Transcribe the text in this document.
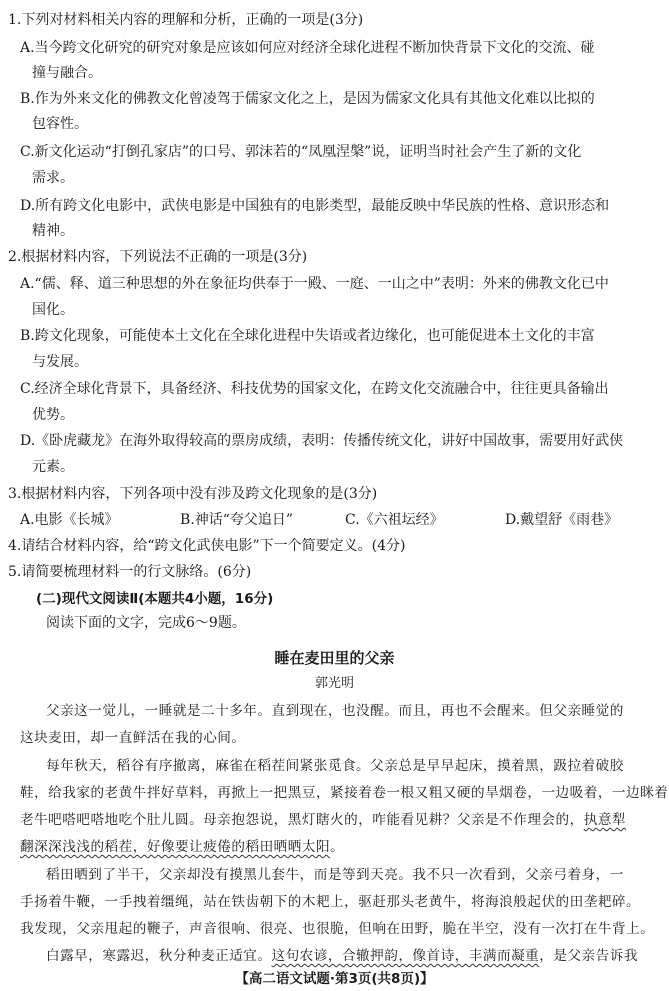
1.下列对材料相关内容的理解和分析，正确的一项是(3分)
A.当今跨文化研究的研究对象是应该如何应对经济全球化进程不断加快背景下文化的交流、碰
撞与融合。
B.作为外来文化的佛教文化曾凌驾于儒家文化之上，是因为儒家文化具有其他文化难以比拟的
包容性。
C.新文化运动“打倒孔家店”的口号、郭沫若的“凤凰涅槃”说，证明当时社会产生了新的文化
需求。
D.所有跨文化电影中，武侠电影是中国独有的电影类型，最能反映中华民族的性格、意识形态和
精神。
2.根据材料内容，下列说法不正确的一项是(3分)
A.“儒、释、道三种思想的外在象征均供奉于一殿、一庭、一山之中”表明：外来的佛教文化已中
国化。
B.跨文化现象，可能使本土文化在全球化进程中失语或者边缘化，也可能促进本土文化的丰富
与发展。
C.经济全球化背景下，具备经济、科技优势的国家文化，在跨文化交流融合中，往往更具备输出
优势。
D.《卧虎藏龙》在海外取得较高的票房成绩，表明：传播传统文化，讲好中国故事，需要用好武侠
元素。
3.根据材料内容，下列各项中没有涉及跨文化现象的是(3分)
A.电影《长城》	B.神话“夸父追日”	C.《六祖坛经》	D.戴望舒《雨巷》
4.请结合材料内容，给“跨文化武侠电影”下一个简要定义。(4分)
5.请简要梳理材料一的行文脉络。(6分)
(二)现代文阅读Ⅱ(本题共4小题，16分)
阅读下面的文字，完成6～9题。
睡在麦田里的父亲
郭光明
父亲这一觉儿，一睡就是二十多年。直到现在，也没醒。而且，再也不会醒来。但父亲睡觉的
这块麦田，却一直鲜活在我的心间。
每年秋天，稻谷有序撤离，麻雀在稻茬间紧张觅食。父亲总是早早起床，摸着黑，趿拉着破胶
鞋，给我家的老黄牛拌好草料，再掀上一把黑豆，紧接着卷一根又粗又硬的旱烟卷，一边吸着，一边眯着
老牛吧嗒吧嗒地吃个肚儿圆。母亲抱怨说，黑灯瞎火的，咋能看见耕？父亲是不作理会的，执意犁
翻深深浅浅的稻茬，好像要让疲倦的稻田晒晒太阳。
稻田晒到了半干，父亲却没有摸黑儿套牛，而是等到天亮。我不只一次看到，父亲弓着身，一
手扬着牛鞭，一手拽着缰绳，站在铁齿朝下的木耙上，驱赶那头老黄牛，将海浪般起伏的田垄耙碎。
我发现，父亲甩起的鞭子，声音很响、很亮、也很脆，但响在田野，脆在半空，没有一次打在牛背上。
白露早，寒露迟，秋分种麦正适宜。这句农谚，合辙押韵，像首诗，丰满而凝重，是父亲告诉我
【高二语文试题·第3页(共8页)】
